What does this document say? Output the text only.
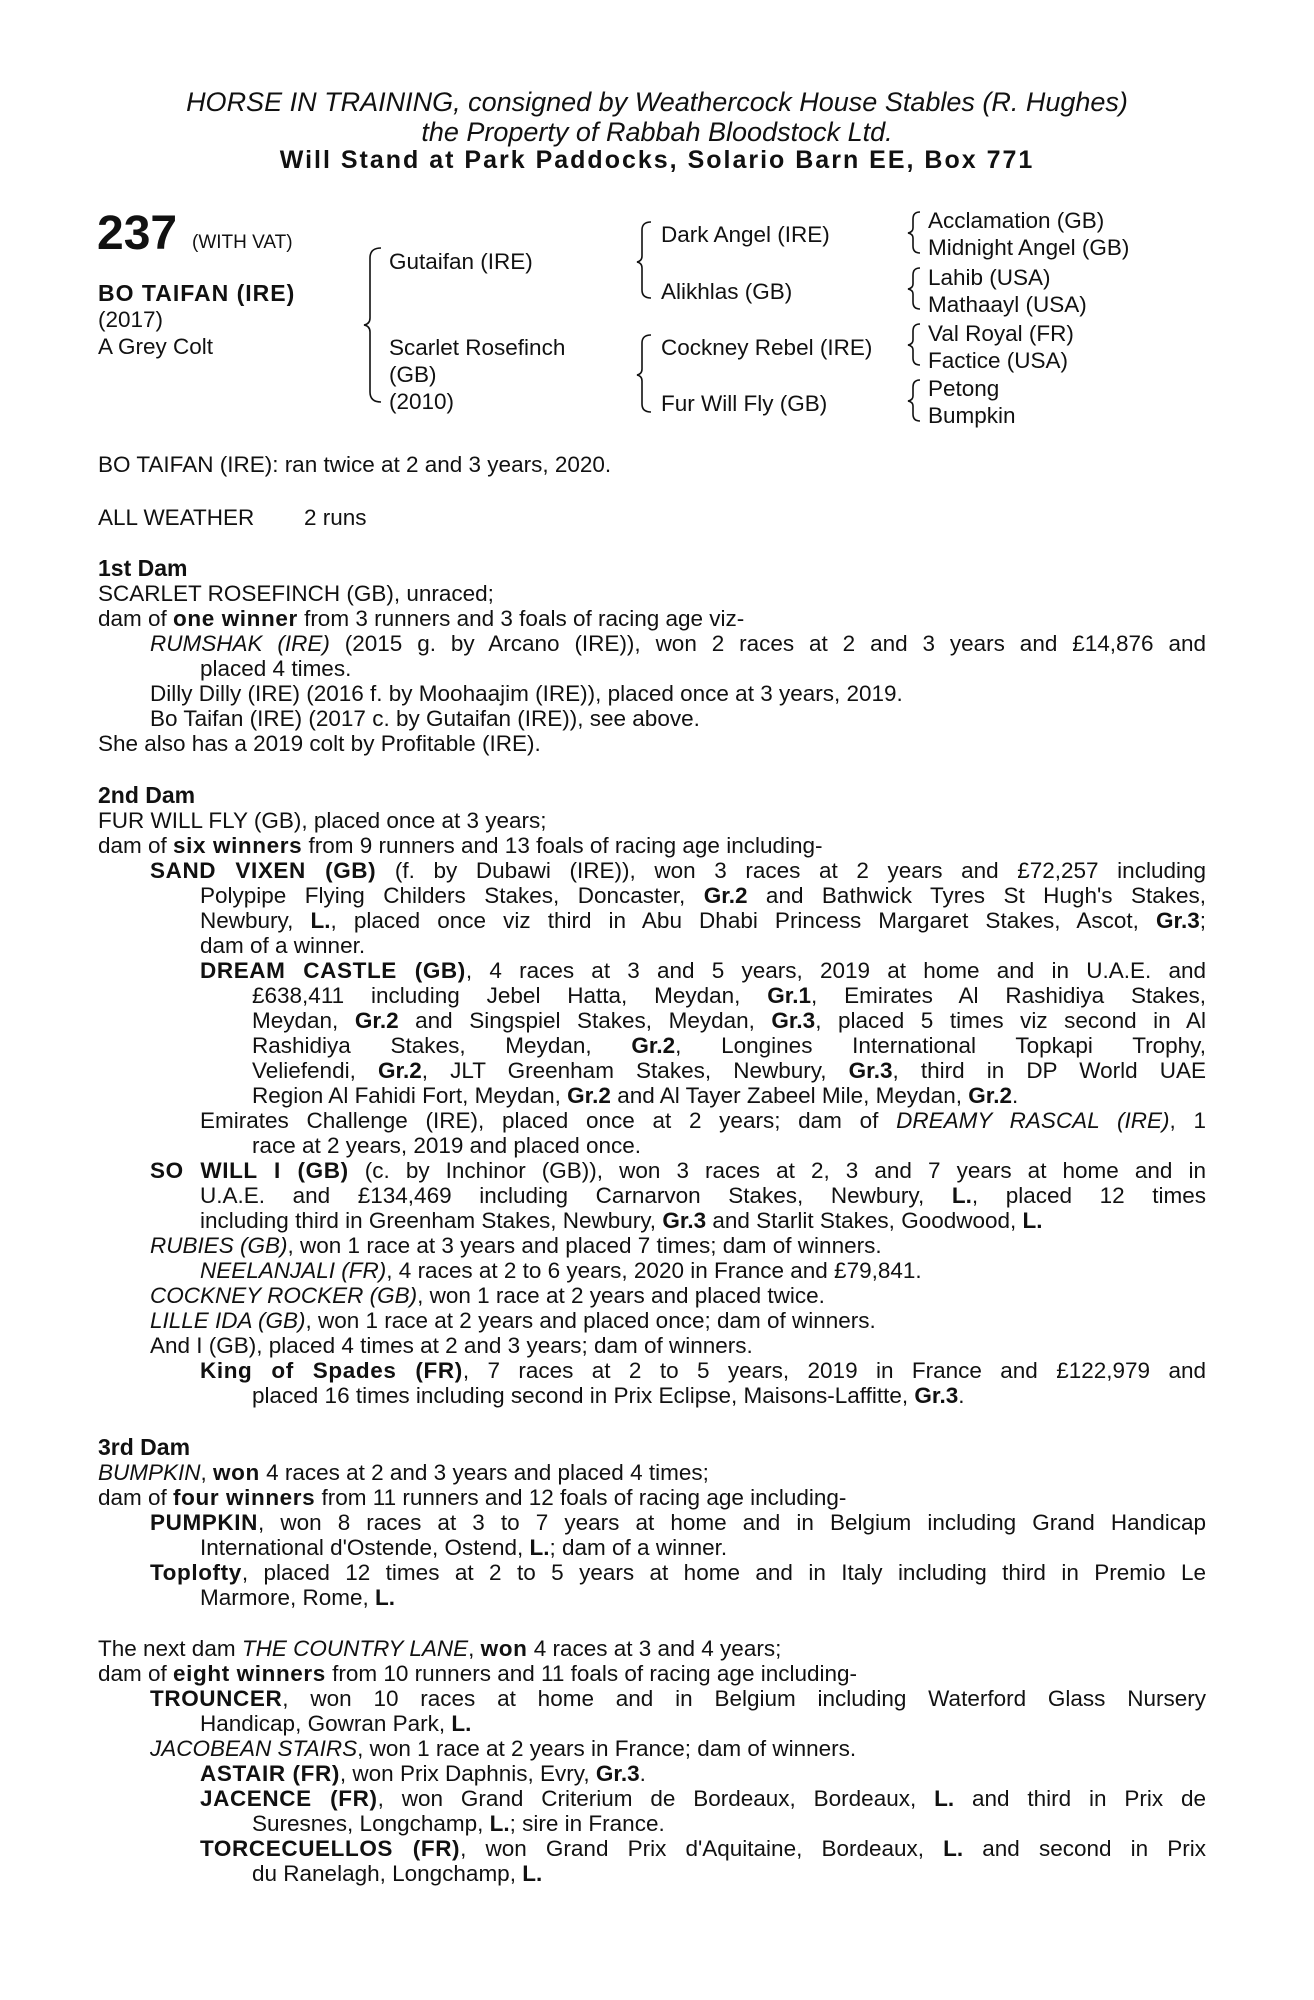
HORSE IN TRAINING, consigned by Weathercock House Stables (R. Hughes)
the Property of Rabbah Bloodstock Ltd.
Will Stand at Park Paddocks, Solario Barn EE, Box 771
237 (WITH VAT)
BO TAIFAN (IRE)
(2017)
A Grey Colt
Gutaifan (IRE)
Scarlet Rosefinch
(GB)
(2010)
Dark Angel (IRE)
Alikhlas (GB)
Cockney Rebel (IRE)
Fur Will Fly (GB)
Acclamation (GB)
Midnight Angel (GB)
Lahib (USA)
Mathaayl (USA)
Val Royal (FR)
Factice (USA)
Petong
Bumpkin
BO TAIFAN (IRE): ran twice at 2 and 3 years, 2020.
ALL WEATHER 2 runs
1st Dam
SCARLET ROSEFINCH (GB), unraced;
dam of one winner from 3 runners and 3 foals of racing age viz-
RUMSHAK (IRE) (2015 g. by Arcano (IRE)), won 2 races at 2 and 3 years and £14,876 and
placed 4 times.
Dilly Dilly (IRE) (2016 f. by Moohaajim (IRE)), placed once at 3 years, 2019.
Bo Taifan (IRE) (2017 c. by Gutaifan (IRE)), see above.
She also has a 2019 colt by Profitable (IRE).
2nd Dam
FUR WILL FLY (GB), placed once at 3 years;
dam of six winners from 9 runners and 13 foals of racing age including-
SAND VIXEN (GB) (f. by Dubawi (IRE)), won 3 races at 2 years and £72,257 including
Polypipe Flying Childers Stakes, Doncaster, Gr.2 and Bathwick Tyres St Hugh's Stakes,
Newbury, L., placed once viz third in Abu Dhabi Princess Margaret Stakes, Ascot, Gr.3;
dam of a winner.
DREAM CASTLE (GB), 4 races at 3 and 5 years, 2019 at home and in U.A.E. and
£638,411 including Jebel Hatta, Meydan, Gr.1, Emirates Al Rashidiya Stakes,
Meydan, Gr.2 and Singspiel Stakes, Meydan, Gr.3, placed 5 times viz second in Al
Rashidiya Stakes, Meydan, Gr.2, Longines International Topkapi Trophy,
Veliefendi, Gr.2, JLT Greenham Stakes, Newbury, Gr.3, third in DP World UAE
Region Al Fahidi Fort, Meydan, Gr.2 and Al Tayer Zabeel Mile, Meydan, Gr.2.
Emirates Challenge (IRE), placed once at 2 years; dam of DREAMY RASCAL (IRE), 1
race at 2 years, 2019 and placed once.
SO WILL I (GB) (c. by Inchinor (GB)), won 3 races at 2, 3 and 7 years at home and in
U.A.E. and £134,469 including Carnarvon Stakes, Newbury, L., placed 12 times
including third in Greenham Stakes, Newbury, Gr.3 and Starlit Stakes, Goodwood, L.
RUBIES (GB), won 1 race at 3 years and placed 7 times; dam of winners.
NEELANJALI (FR), 4 races at 2 to 6 years, 2020 in France and £79,841.
COCKNEY ROCKER (GB), won 1 race at 2 years and placed twice.
LILLE IDA (GB), won 1 race at 2 years and placed once; dam of winners.
And I (GB), placed 4 times at 2 and 3 years; dam of winners.
King of Spades (FR), 7 races at 2 to 5 years, 2019 in France and £122,979 and
placed 16 times including second in Prix Eclipse, Maisons-Laffitte, Gr.3.
3rd Dam
BUMPKIN, won 4 races at 2 and 3 years and placed 4 times;
dam of four winners from 11 runners and 12 foals of racing age including-
PUMPKIN, won 8 races at 3 to 7 years at home and in Belgium including Grand Handicap
International d'Ostende, Ostend, L.; dam of a winner.
Toplofty, placed 12 times at 2 to 5 years at home and in Italy including third in Premio Le
Marmore, Rome, L.
The next dam THE COUNTRY LANE, won 4 races at 3 and 4 years;
dam of eight winners from 10 runners and 11 foals of racing age including-
TROUNCER, won 10 races at home and in Belgium including Waterford Glass Nursery
Handicap, Gowran Park, L.
JACOBEAN STAIRS, won 1 race at 2 years in France; dam of winners.
ASTAIR (FR), won Prix Daphnis, Evry, Gr.3.
JACENCE (FR), won Grand Criterium de Bordeaux, Bordeaux, L. and third in Prix de
Suresnes, Longchamp, L.; sire in France.
TORCECUELLOS (FR), won Grand Prix d'Aquitaine, Bordeaux, L. and second in Prix
du Ranelagh, Longchamp, L.
